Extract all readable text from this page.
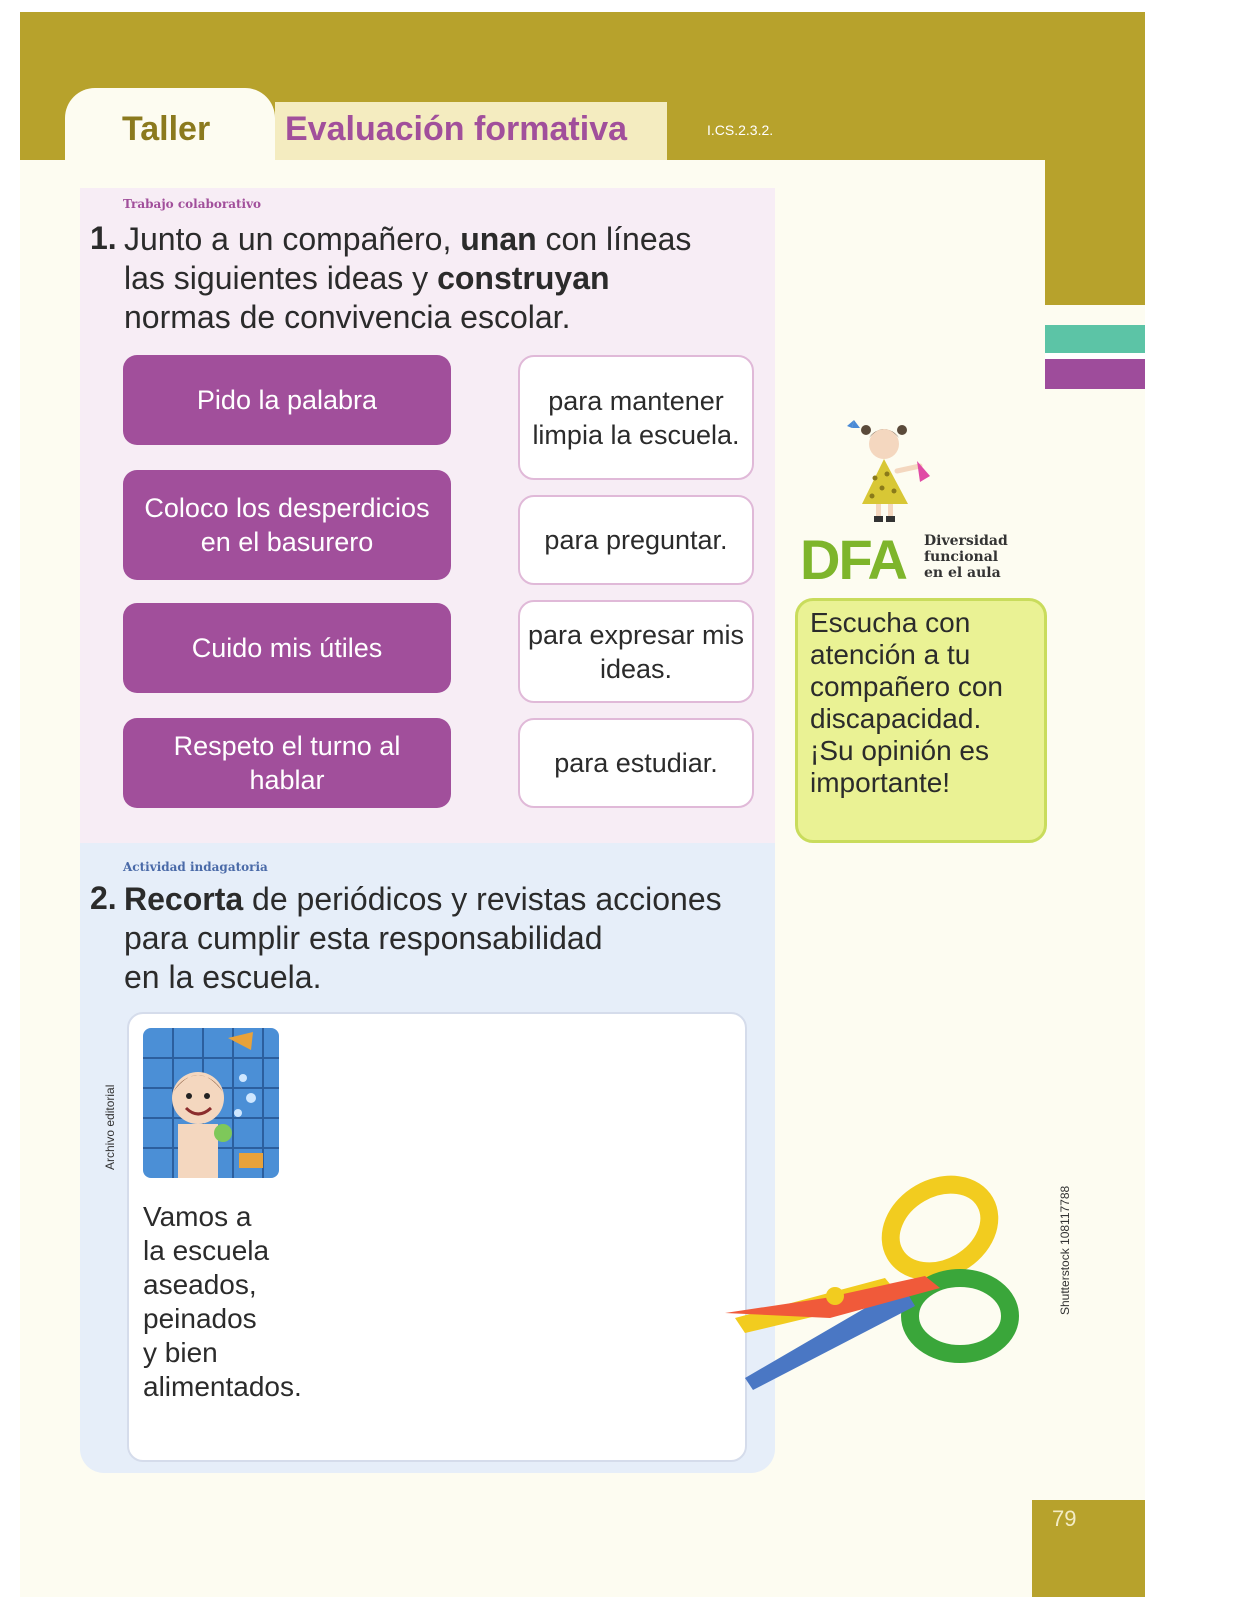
Taller Evaluación formativa	I.CS.2.3.2.
Trabajo colaborativo
1. Junto a un compañero, unan con líneas
las siguientes ideas y construyan
normas de convivencia escolar.
Pido la palabra
Coloco los desperdicios en el basurero
Cuido mis útiles
Respeto el turno al hablar
para mantener limpia la escuela.
para preguntar.
para expresar mis ideas.
para estudiar.
DFA Diversidad
funcional
en el aula
Escucha con atención a tu compañero con discapacidad. ¡Su opinión es importante!
Actividad indagatoria
2. Recorta de periódicos y revistas acciones
para cumplir esta responsabilidad
en la escuela.
Vamos a
la escuela
aseados,
peinados
y bien
alimentados.
Archivo editorial
Shutterstock 108117788
79
